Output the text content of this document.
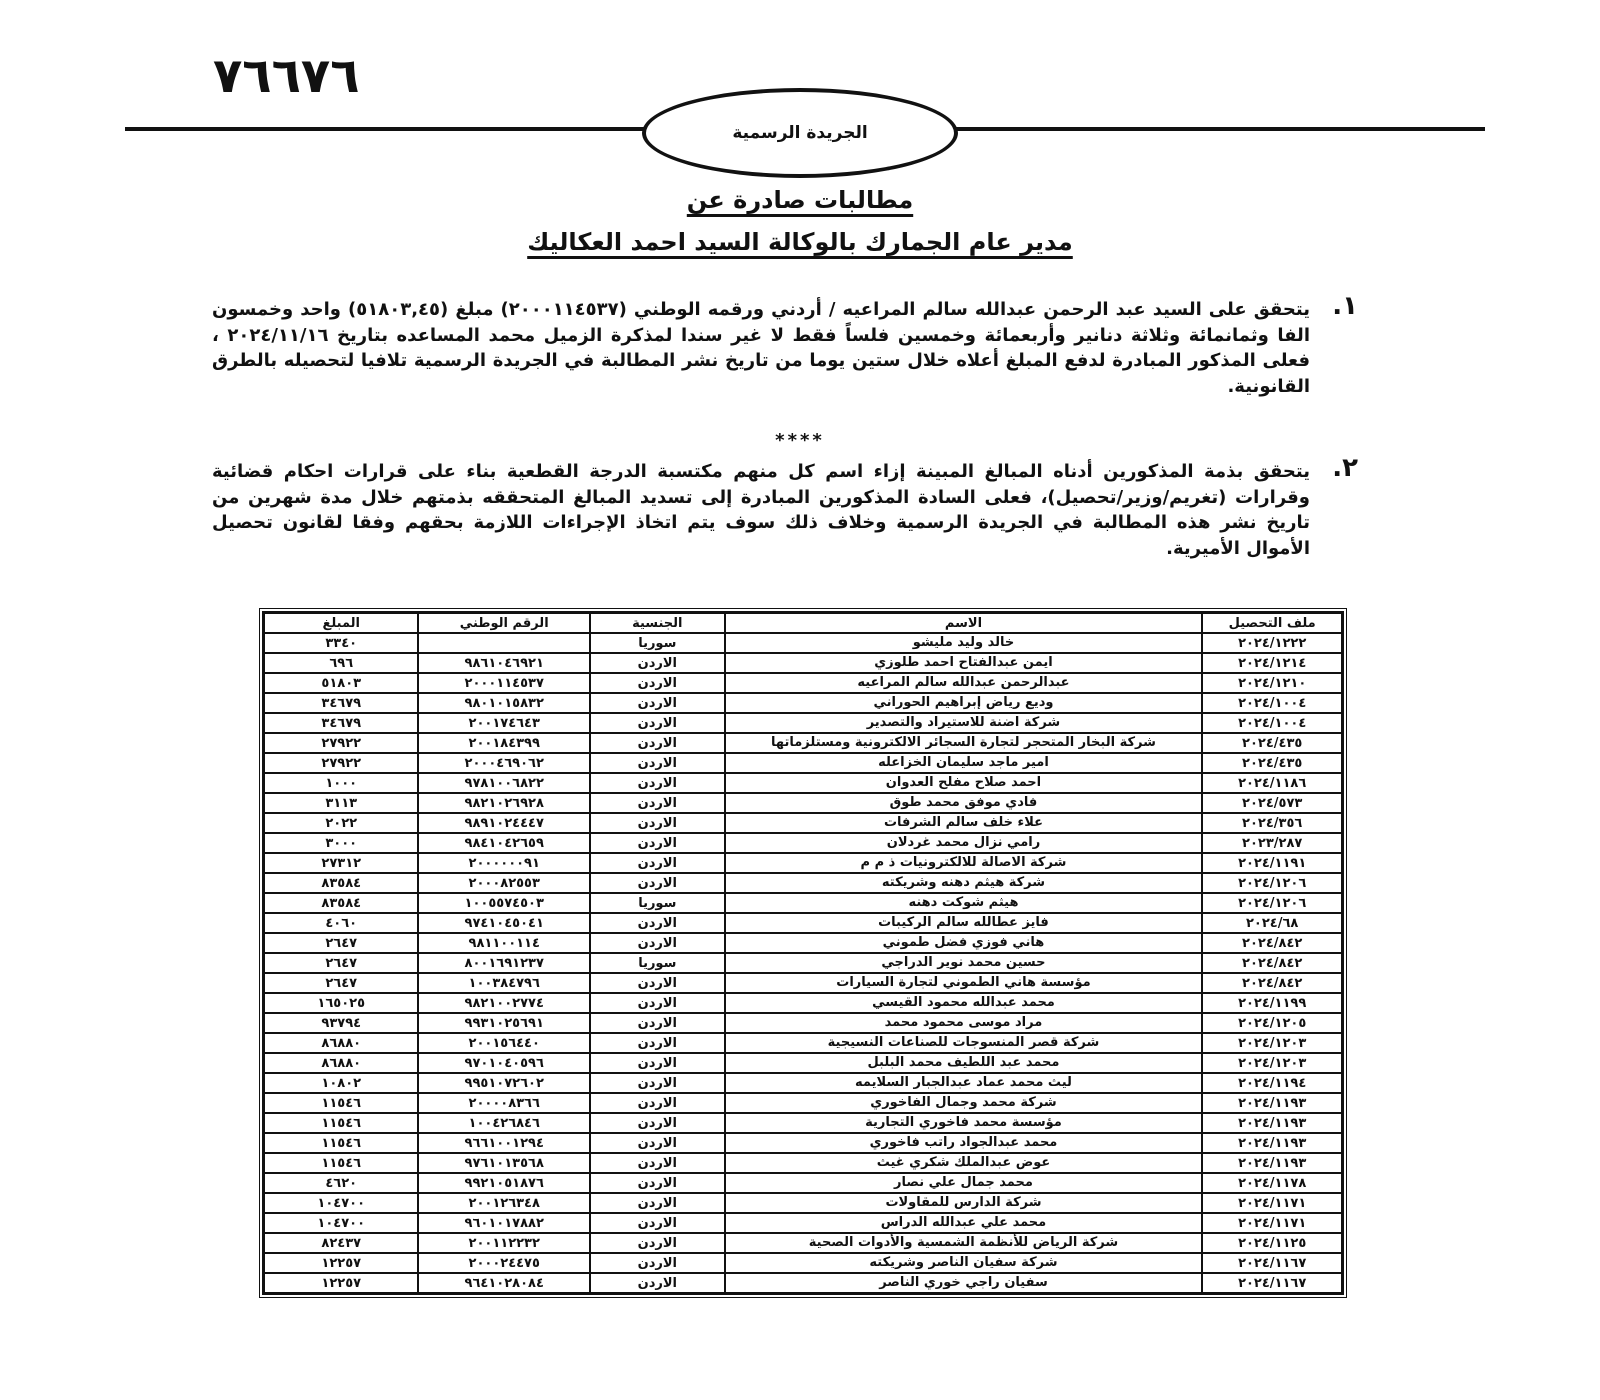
٧٦٦٧٦
الجريدة الرسمية
مطالبات صادرة عن
مدير عام الجمارك بالوكالة السيد احمد العكاليك
١.
يتحقق على السيد عبد الرحمن عبدالله سالم المراعيه / أردني ورقمه الوطني (٢٠٠٠١١٤٥٣٧) مبلغ (٥١٨٠٣,٤٥) واحد وخمسون الفا وثمانمائة وثلاثة دنانير وأربعمائة وخمسين فلساً فقط لا غير سندا لمذكرة الزميل محمد المساعده بتاريخ ٢٠٢٤/١١/١٦ ، فعلى المذكور المبادرة لدفع المبلغ أعلاه خلال ستين يوما من تاريخ نشر المطالبة في الجريدة الرسمية تلافيا لتحصيله بالطرق القانونية.
****
٢.
يتحقق بذمة المذكورين أدناه المبالغ المبينة إزاء اسم كل منهم مكتسبة الدرجة القطعية بناء على قرارات احكام قضائية وقرارات (تغريم/وزير/تحصيل)، فعلى السادة المذكورين المبادرة إلى تسديد المبالغ المتحققه بذمتهم خلال مدة شهرين من تاريخ نشر هذه المطالبة في الجريدة الرسمية وخلاف ذلك سوف يتم اتخاذ الإجراءات اللازمة بحقهم وفقا لقانون تحصيل الأموال الأميرية.
ملف التحصيل	الاسم	الجنسية	الرقم الوطني	المبلغ
٢٠٢٤/١٢٢٢	خالد وليد مليشو	سوريا		٣٣٤٠
٢٠٢٤/١٢١٤	ايمن عبدالفتاح احمد طلوزي	الاردن	٩٨٦١٠٤٦٩٢١	٦٩٦
٢٠٢٤/١٢١٠	عبدالرحمن عبدالله سالم المراعيه	الاردن	٢٠٠٠١١٤٥٣٧	٥١٨٠٣
٢٠٢٤/١٠٠٤	وديع رياض إبراهيم الحوراني	الاردن	٩٨٠١٠١٥٨٣٢	٣٤٦٧٩
٢٠٢٤/١٠٠٤	شركة اضنة للاستيراد والتصدير	الاردن	٢٠٠١٧٤٦٤٣	٣٤٦٧٩
٢٠٢٤/٤٣٥	شركة البخار المتحجر لتجارة السجائر الالكترونية ومستلزماتها	الاردن	٢٠٠١٨٤٣٩٩	٢٧٩٢٢
٢٠٢٤/٤٣٥	امير ماجد سليمان الخزاعله	الاردن	٢٠٠٠٤٦٩٠٦٢	٢٧٩٢٢
٢٠٢٤/١١٨٦	احمد صلاح مفلح العدوان	الاردن	٩٧٨١٠٠٦٨٢٢	١٠٠٠
٢٠٢٤/٥٧٣	فادي موفق محمد طوق	الاردن	٩٨٢١٠٢٦٩٢٨	٣١١٣
٢٠٢٤/٣٥٦	علاء خلف سالم الشرفات	الاردن	٩٨٩١٠٢٤٤٤٧	٢٠٢٢
٢٠٢٣/٢٨٧	رامي نزال محمد غردلان	الاردن	٩٨٤١٠٤٢٦٥٩	٣٠٠٠
٢٠٢٤/١١٩١	شركة الاصالة للالكترونيات ذ م م	الاردن	٢٠٠٠٠٠٠٩١	٢٧٣١٢
٢٠٢٤/١٢٠٦	شركة هيثم دهنه وشريكته	الاردن	٢٠٠٠٨٢٥٥٣	٨٣٥٨٤
٢٠٢٤/١٢٠٦	هيثم شوكت دهنه	سوريا	١٠٠٥٥٧٤٥٠٣	٨٣٥٨٤
٢٠٢٤/٦٨	فايز عطالله سالم الركيبات	الاردن	٩٧٤١٠٤٥٠٤١	٤٠٦٠
٢٠٢٤/٨٤٢	هاني فوزي فضل طموني	الاردن	٩٨١١٠٠١١٤	٢٦٤٧
٢٠٢٤/٨٤٢	حسين محمد نوير الدراجي	سوريا	٨٠٠١٦٩١٢٣٧	٢٦٤٧
٢٠٢٤/٨٤٢	مؤسسة هاني الطموني لتجارة السيارات	الاردن	١٠٠٣٨٤٧٩٦	٢٦٤٧
٢٠٢٤/١١٩٩	محمد عبدالله محمود القيسي	الاردن	٩٨٢١٠٠٢٧٧٤	١٦٥٠٢٥
٢٠٢٤/١٢٠٥	مراد موسى محمود محمد	الاردن	٩٩٣١٠٢٥٦٩١	٩٣٧٩٤
٢٠٢٤/١٢٠٣	شركة قصر المنسوجات للصناعات النسيجية	الاردن	٢٠٠١٥٦٤٤٠	٨٦٨٨٠
٢٠٢٤/١٢٠٣	محمد عبد اللطيف محمد البلبل	الاردن	٩٧٠١٠٤٠٥٩٦	٨٦٨٨٠
٢٠٢٤/١١٩٤	ليث محمد عماد عبدالجبار السلايمه	الاردن	٩٩٥١٠٧٢٦٠٢	١٠٨٠٢
٢٠٢٤/١١٩٣	شركة محمد وجمال الفاخوري	الاردن	٢٠٠٠٠٨٣٦٦	١١٥٤٦
٢٠٢٤/١١٩٣	مؤسسة محمد فاخوري التجارية	الاردن	١٠٠٤٢٦٨٤٦	١١٥٤٦
٢٠٢٤/١١٩٣	محمد عبدالجواد راتب فاخوري	الاردن	٩٦٦١٠٠١٢٩٤	١١٥٤٦
٢٠٢٤/١١٩٣	عوض عبدالملك شكري غيث	الاردن	٩٧٦١٠١٣٥٦٨	١١٥٤٦
٢٠٢٤/١١٧٨	محمد جمال علي نصار	الاردن	٩٩٢١٠٥١٨٧٦	٤٦٢٠
٢٠٢٤/١١٧١	شركة الدارس للمقاولات	الاردن	٢٠٠١٢٦٣٤٨	١٠٤٧٠٠
٢٠٢٤/١١٧١	محمد علي عبدالله الدراس	الاردن	٩٦٠١٠١٧٨٨٢	١٠٤٧٠٠
٢٠٢٤/١١٢٥	شركة الرياض للأنظمة الشمسية والأدوات الصحية	الاردن	٢٠٠١١٢٢٣٢	٨٢٤٣٧
٢٠٢٤/١١٦٧	شركة سفيان الناصر وشريكته	الاردن	٢٠٠٠٢٤٤٧٥	١٢٢٥٧
٢٠٢٤/١١٦٧	سفيان راجي خوري الناصر	الاردن	٩٦٤١٠٢٨٠٨٤	١٢٢٥٧
